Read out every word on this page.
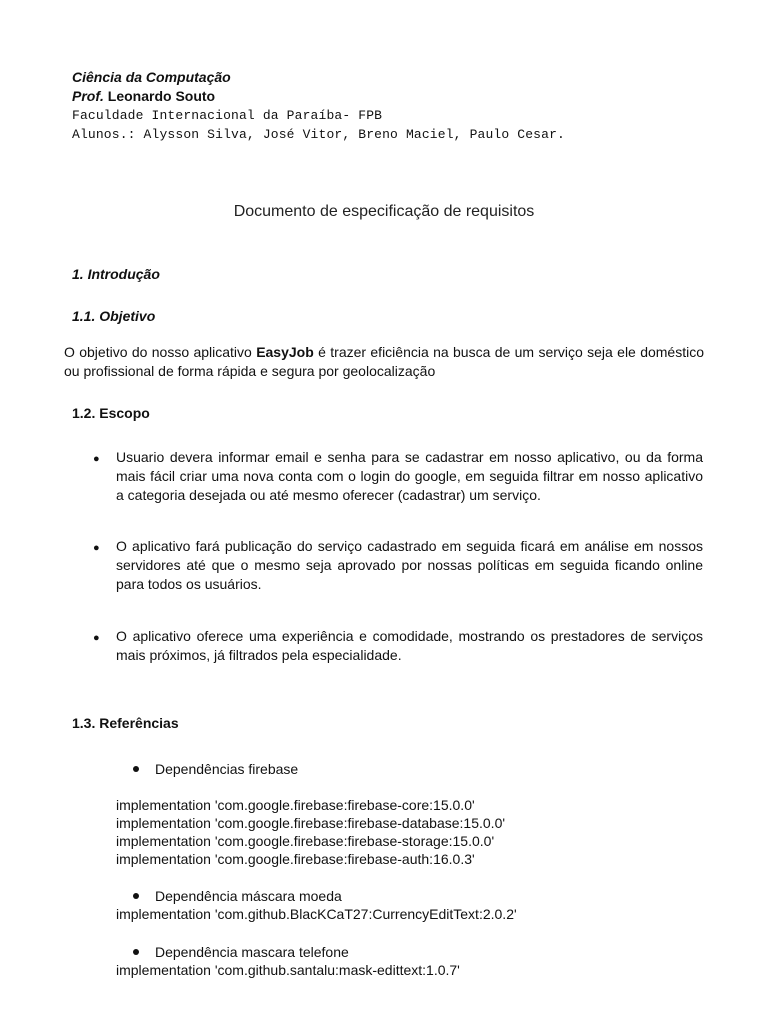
Ciência da Computação
Prof. Leonardo Souto
Faculdade Internacional da Paraíba- FPB
Alunos.: Alysson Silva, José Vitor, Breno Maciel, Paulo Cesar.
Documento de especificação de requisitos
1. Introdução
1.1. Objetivo
O objetivo do nosso aplicativo EasyJob é trazer eficiência na busca de um serviço seja ele doméstico ou profissional de forma rápida e segura por geolocalização
1.2. Escopo
● Usuario devera informar email e senha para se cadastrar em nosso aplicativo, ou da forma mais fácil criar uma nova conta com o login do google, em seguida filtrar em nosso aplicativo a categoria desejada ou até mesmo oferecer (cadastrar) um serviço.
● O aplicativo fará publicação do serviço cadastrado em seguida ficará em análise em nossos servidores até que o mesmo seja aprovado por nossas políticas em seguida ficando online para todos os usuários.
● O aplicativo oferece uma experiência e comodidade, mostrando os prestadores de serviços mais próximos, já filtrados pela especialidade.
1.3. Referências
Dependências firebase
implementation 'com.google.firebase:firebase-core:15.0.0'
implementation 'com.google.firebase:firebase-database:15.0.0'
implementation 'com.google.firebase:firebase-storage:15.0.0'
implementation 'com.google.firebase:firebase-auth:16.0.3'
Dependência máscara moeda
implementation 'com.github.BlacKCaT27:CurrencyEditText:2.0.2'
Dependência mascara telefone
implementation 'com.github.santalu:mask-edittext:1.0.7'
